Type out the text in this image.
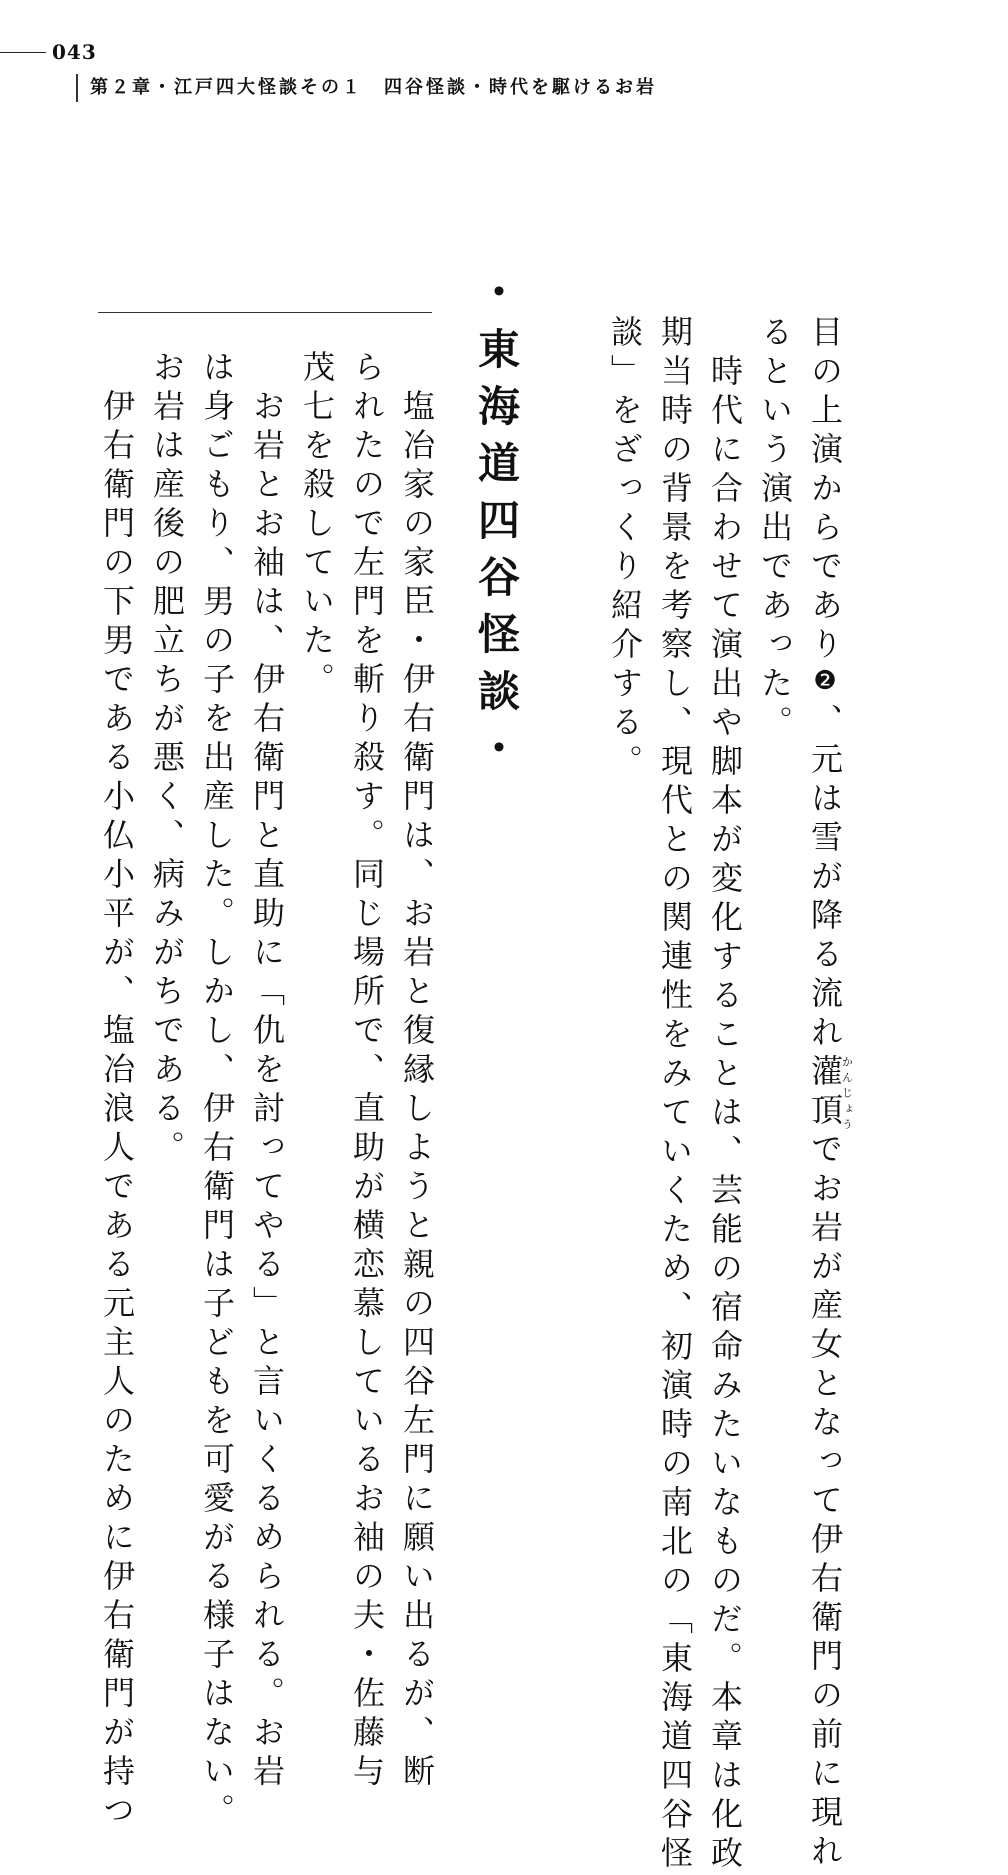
043
第２章・江戸四大怪談その１　四谷怪談・時代を駆けるお岩
目の上演からであり❷、元は雪が降る流れ灌頂かんじょうでお岩が産女となって伊右衛門の前に現れ
るという演出であった。
　時代に合わせて演出や脚本が変化することは、芸能の宿命みたいなものだ。本章は化政
期当時の背景を考察し、現代との関連性をみていくため、初演時の南北の「東海道四谷怪
談」をざっくり紹介する。
・東海道四谷怪談・
　塩冶家の家臣・伊右衛門は、お岩と復縁しようと親の四谷左門に願い出るが、断
られたので左門を斬り殺す。同じ場所で、直助が横恋慕しているお袖の夫・佐藤与
茂七を殺していた。
　お岩とお袖は、伊右衛門と直助に「仇を討ってやる」と言いくるめられる。お岩
は身ごもり、男の子を出産した。しかし、伊右衛門は子どもを可愛がる様子はない。
お岩は産後の肥立ちが悪く、病みがちである。
　伊右衛門の下男である小仏小平が、塩冶浪人である元主人のために伊右衛門が持つ
